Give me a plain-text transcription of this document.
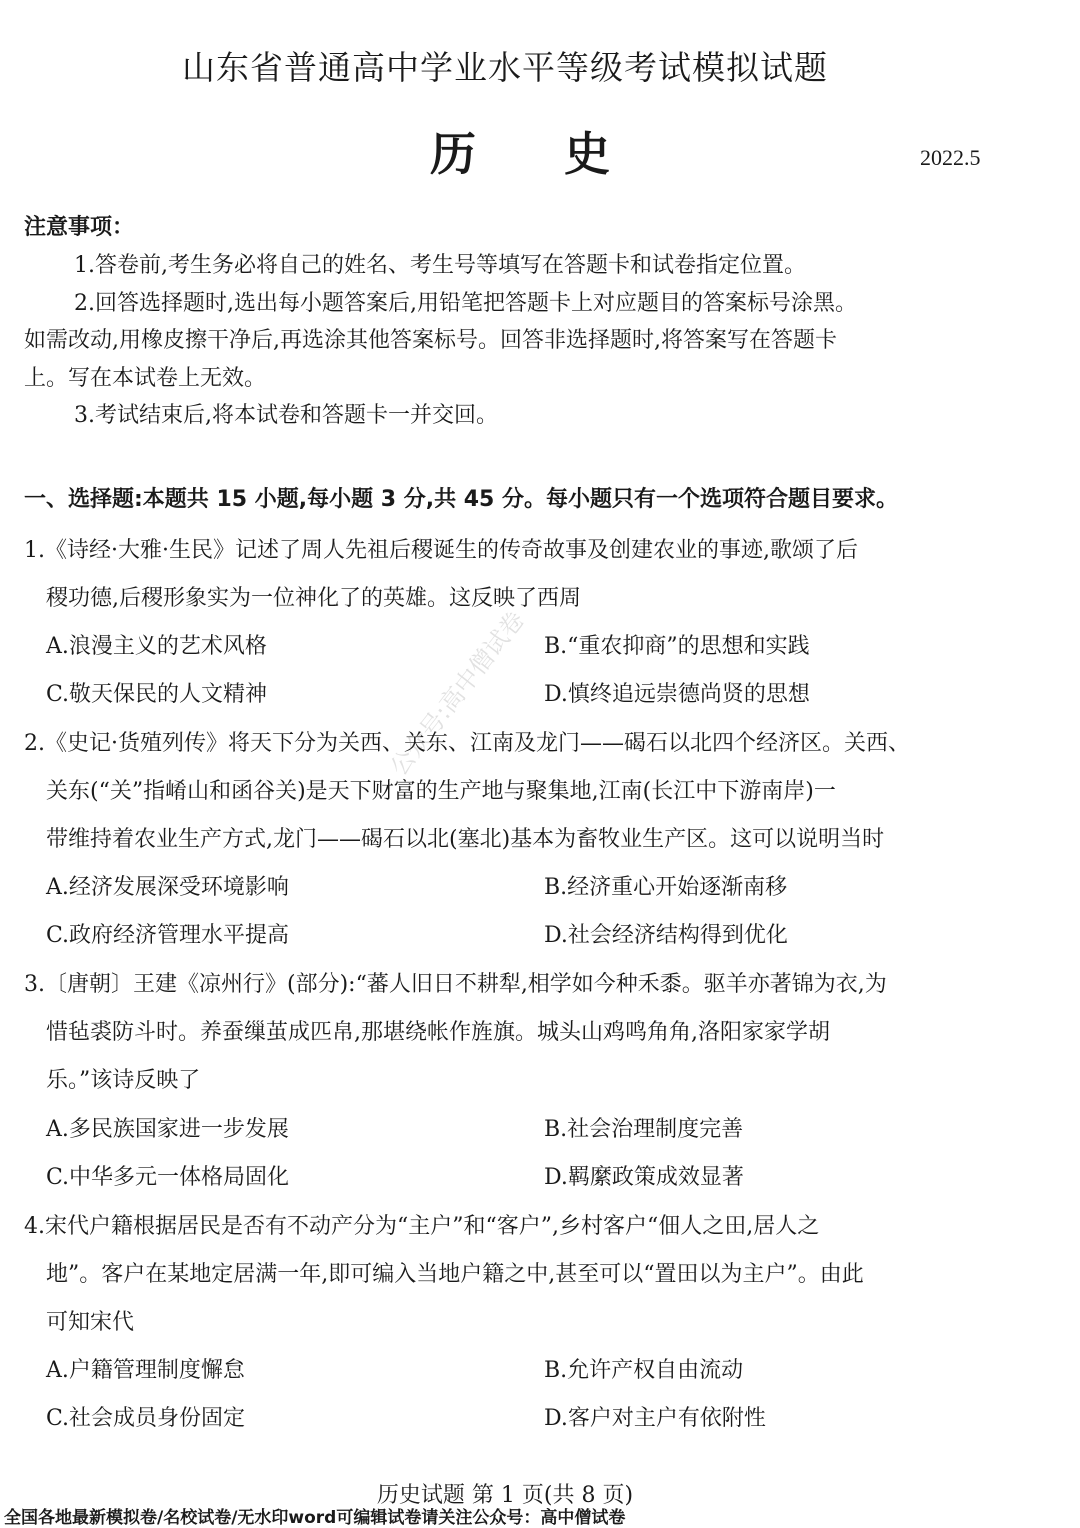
山东省普通高中学业水平等级考试模拟试题
历 史	2022.5
注意事项：
1.答卷前,考生务必将自己的姓名、考生号等填写在答题卡和试卷指定位置。
2.回答选择题时,选出每小题答案后,用铅笔把答题卡上对应题目的答案标号涂黑。
如需改动,用橡皮擦干净后,再选涂其他答案标号。回答非选择题时,将答案写在答题卡
上。写在本试卷上无效。
3.考试结束后,将本试卷和答题卡一并交回。
一、选择题:本题共 15 小题,每小题 3 分,共 45 分。每小题只有一个选项符合题目要求。
1.《诗经·大雅·生民》记述了周人先祖后稷诞生的传奇故事及创建农业的事迹,歌颂了后
稷功德,后稷形象实为一位神化了的英雄。这反映了西周
A.浪漫主义的艺术风格	B.“重农抑商”的思想和实践
C.敬天保民的人文精神	D.慎终追远崇德尚贤的思想
2.《史记·货殖列传》将天下分为关西、关东、江南及龙门——碣石以北四个经济区。关西、
关东(“关”指崤山和函谷关)是天下财富的生产地与聚集地,江南(长江中下游南岸)一
带维持着农业生产方式,龙门——碣石以北(塞北)基本为畜牧业生产区。这可以说明当时
A.经济发展深受环境影响	B.经济重心开始逐渐南移
C.政府经济管理水平提高	D.社会经济结构得到优化
3.〔唐朝〕王建《凉州行》(部分):“蕃人旧日不耕犁,相学如今种禾黍。驱羊亦著锦为衣,为
惜毡裘防斗时。养蚕缫茧成匹帛,那堪绕帐作旌旗。城头山鸡鸣角角,洛阳家家学胡
乐。”该诗反映了
A.多民族国家进一步发展	B.社会治理制度完善
C.中华多元一体格局固化	D.羁縻政策成效显著
4.宋代户籍根据居民是否有不动产分为“主户”和“客户”,乡村客户“佃人之田,居人之
地”。客户在某地定居满一年,即可编入当地户籍之中,甚至可以“置田以为主户”。由此
可知宋代
A.户籍管理制度懈怠	B.允许产权自由流动
C.社会成员身份固定	D.客户对主户有依附性
公众号:高中僧试卷
历史试题 第 1 页(共 8 页)
全国各地最新模拟卷/名校试卷/无水印word可编辑试卷请关注公众号：高中僧试卷
